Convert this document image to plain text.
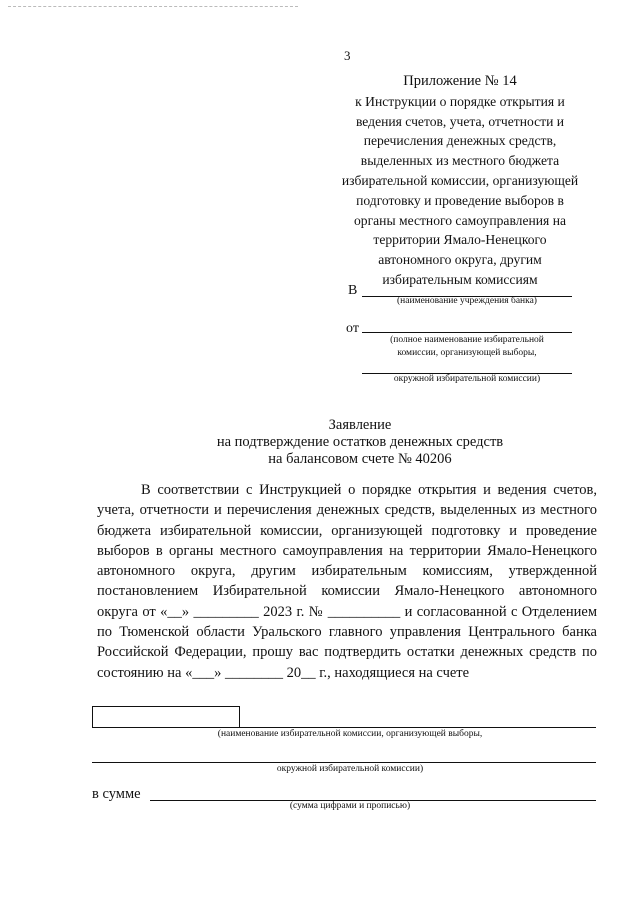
3
Приложение № 14
к Инструкции о порядке открытия и
ведения счетов, учета, отчетности и
перечисления денежных средств,
выделенных из местного бюджета
избирательной комиссии, организующей
подготовку и проведение выборов в
органы местного самоуправления на
территории Ямало-Ненецкого
автономного округа, другим
избирательным комиссиям
В
(наименование учреждения банка)
от
(полное наименование избирательной
комиссии, организующей выборы,
окружной избирательной комиссии)
Заявление
на подтверждение остатков денежных средств
на балансовом счете № 40206
В соответствии с Инструкцией о порядке открытия и ведения счетов, учета, отчетности и перечисления денежных средств, выделенных из местного бюджета избирательной комиссии, организующей подготовку и проведение выборов в органы местного самоуправления на территории Ямало-Ненецкого автономного округа, другим избирательным комиссиям, утвержденной постановлением Избирательной комиссии Ямало-Ненецкого автономного округа от «__» _________ 2023 г. № __________ и согласованной с Отделением по Тюменской области Уральского главного управления Центрального банка Российской Федерации, прошу вас подтвердить остатки денежных средств по состоянию на «___» ________ 20__ г., находящиеся на счете
(наименование избирательной комиссии, организующей выборы,
окружной избирательной комиссии)
в сумме
(сумма цифрами и прописью)
